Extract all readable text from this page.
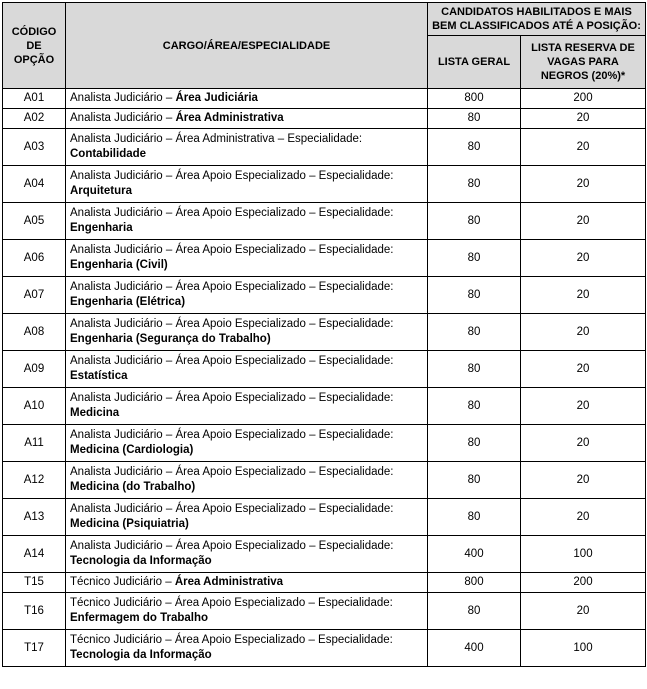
CÓDIGO DE OPÇÃO	CARGO/ÁREA/ESPECIALIDADE	CANDIDATOS HABILITADOS E MAIS BEM CLASSIFICADOS ATÉ A POSIÇÃO:	
		LISTA GERAL	LISTA RESERVA DE VAGAS PARA NEGROS (20%)*
A01	Analista Judiciário – Área Judiciária	800	200
A02	Analista Judiciário – Área Administrativa	80	20
A03	Analista Judiciário – Área Administrativa – Especialidade:
Contabilidade	80	20
A04	Analista Judiciário – Área Apoio Especializado – Especialidade:
Arquitetura	80	20
A05	Analista Judiciário – Área Apoio Especializado – Especialidade:
Engenharia	80	20
A06	Analista Judiciário – Área Apoio Especializado – Especialidade:
Engenharia (Civil)	80	20
A07	Analista Judiciário – Área Apoio Especializado – Especialidade:
Engenharia (Elétrica)	80	20
A08	Analista Judiciário – Área Apoio Especializado – Especialidade:
Engenharia (Segurança do Trabalho)	80	20
A09	Analista Judiciário – Área Apoio Especializado – Especialidade:
Estatística	80	20
A10	Analista Judiciário – Área Apoio Especializado – Especialidade:
Medicina	80	20
A11	Analista Judiciário – Área Apoio Especializado – Especialidade:
Medicina (Cardiologia)	80	20
A12	Analista Judiciário – Área Apoio Especializado – Especialidade:
Medicina (do Trabalho)	80	20
A13	Analista Judiciário – Área Apoio Especializado – Especialidade:
Medicina (Psiquiatria)	80	20
A14	Analista Judiciário – Área Apoio Especializado – Especialidade:
Tecnologia da Informação	400	100
T15	Técnico Judiciário – Área Administrativa	800	200
T16	Técnico Judiciário – Área Apoio Especializado – Especialidade:
Enfermagem do Trabalho	80	20
T17	Técnico Judiciário – Área Apoio Especializado – Especialidade:
Tecnologia da Informação	400	100
